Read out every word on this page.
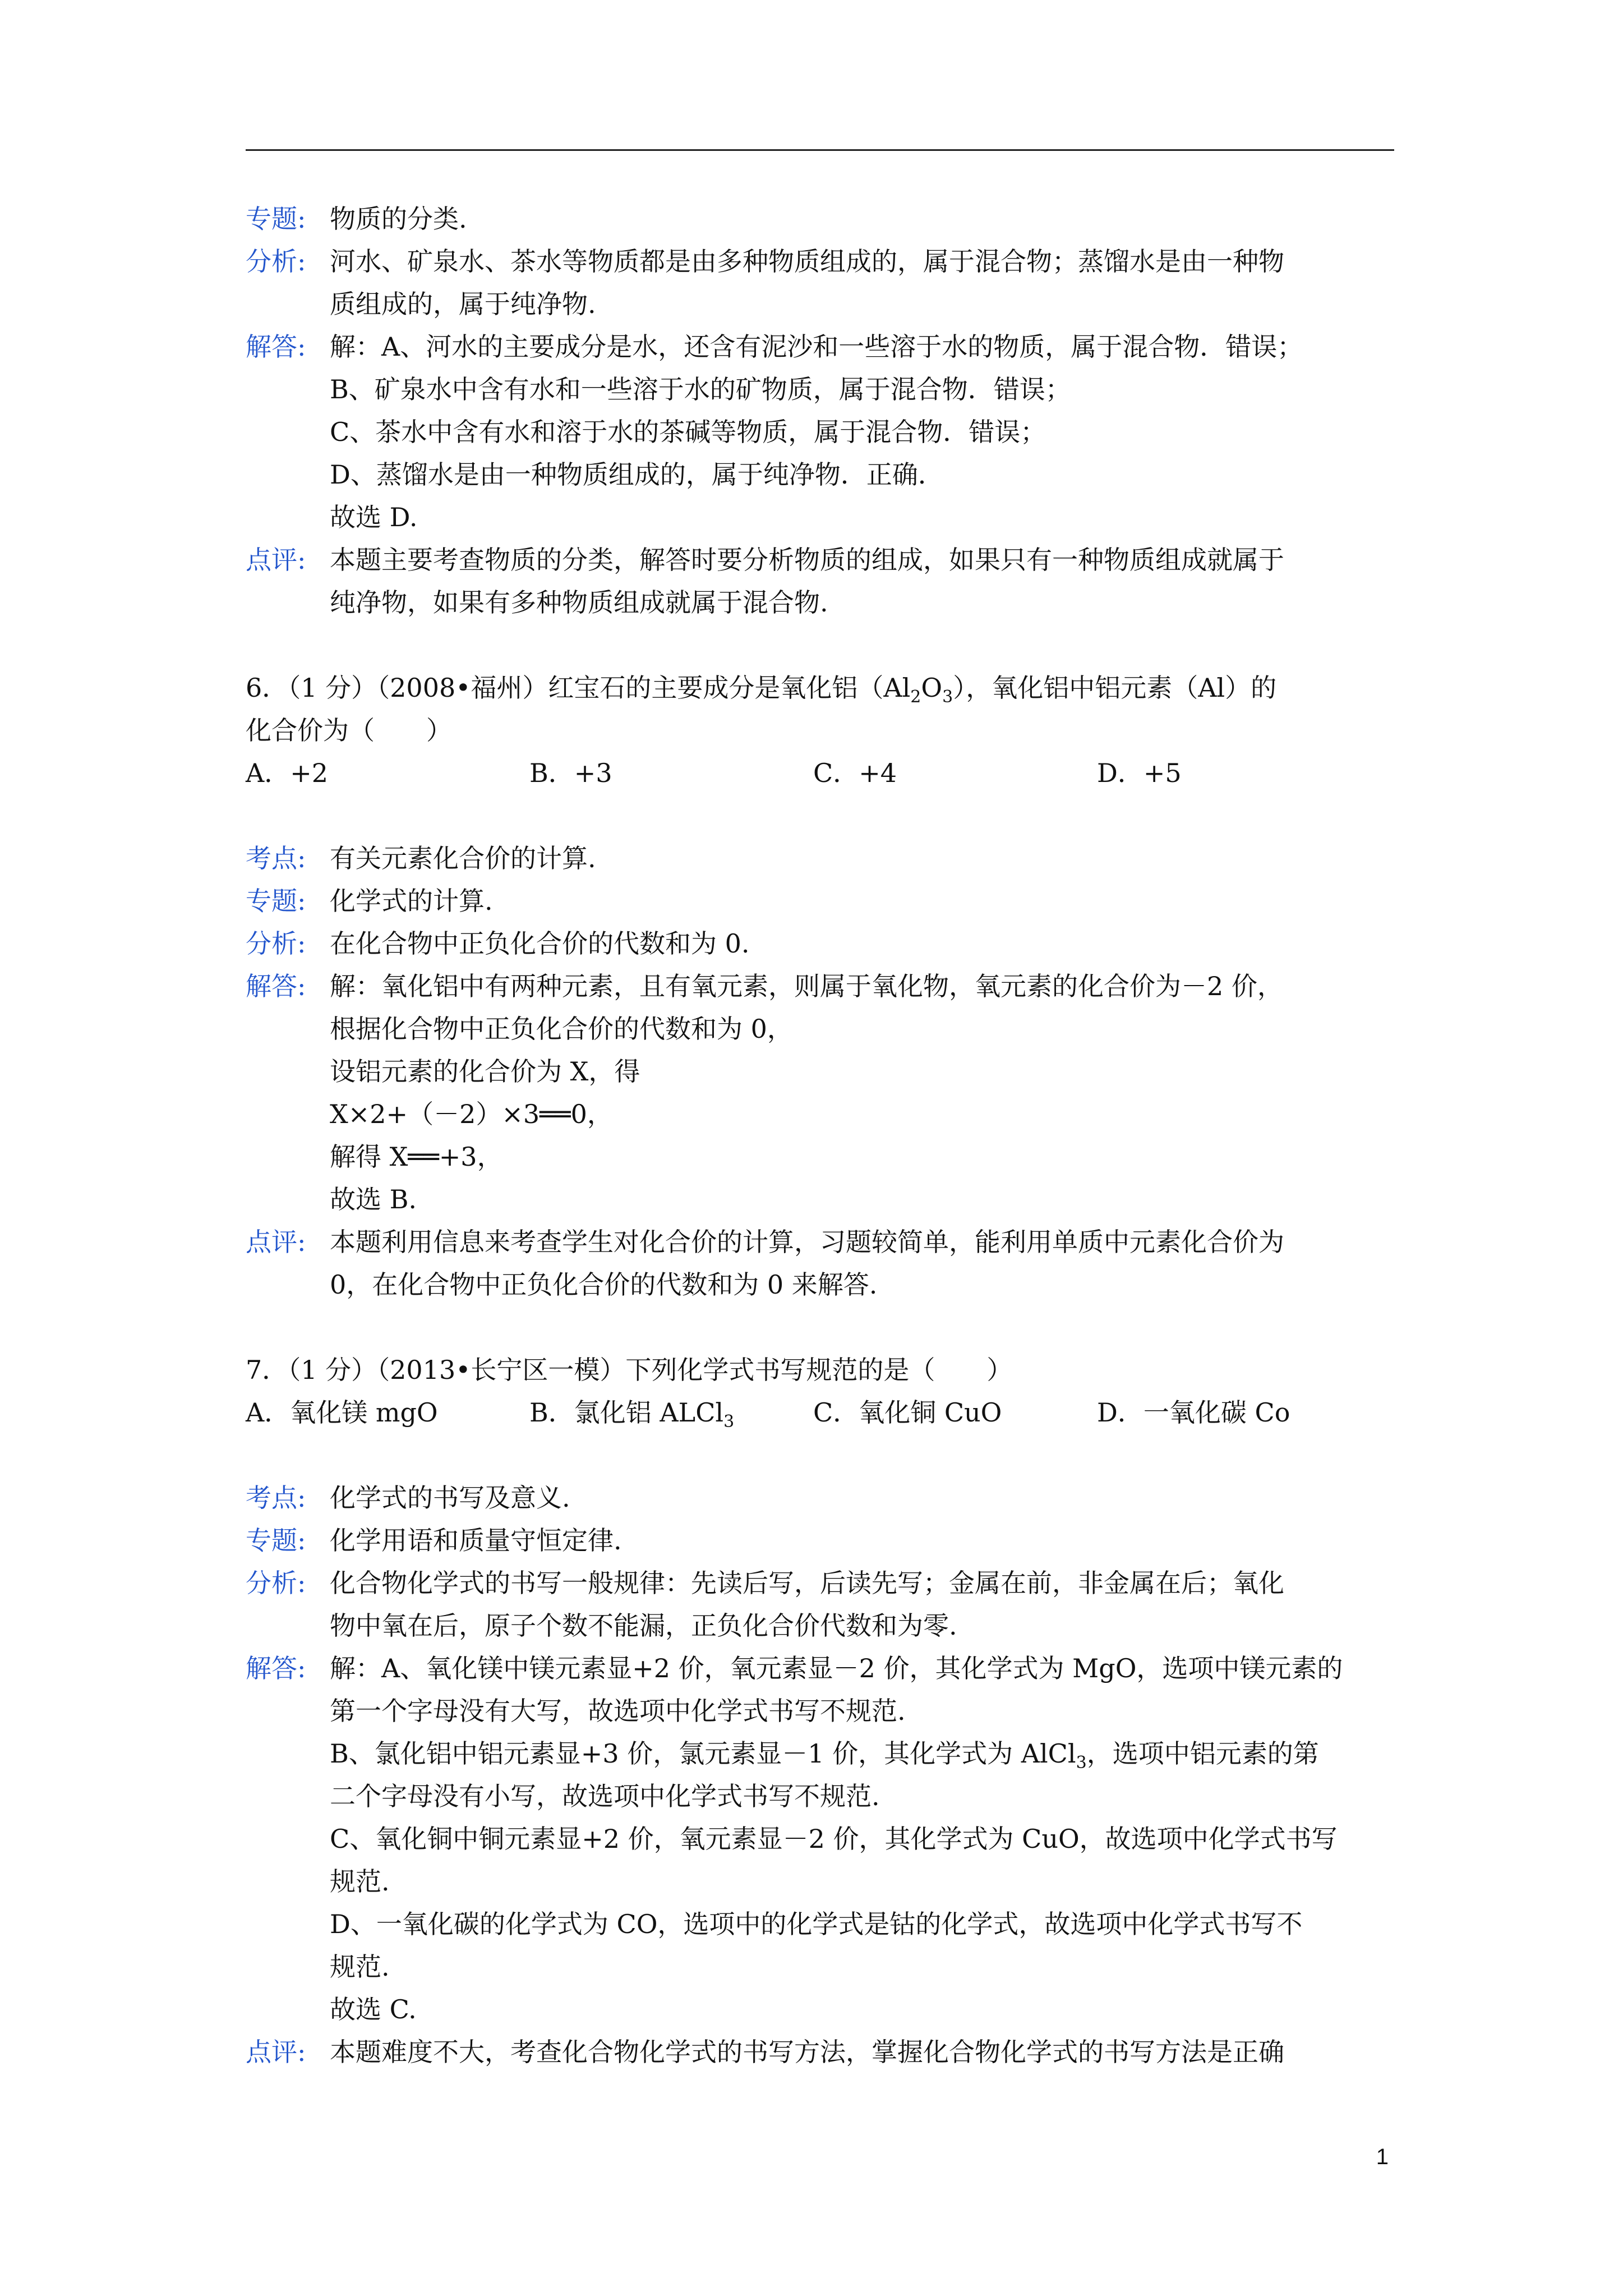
专题: 物质的分类.
分析: 河水、矿泉水、茶水等物质都是由多种物质组成的，属于混合物；蒸馏水是由一种物
质组成的，属于纯净物.
解答: 解：A、河水的主要成分是水，还含有泥沙和一些溶于水的物质，属于混合物．错误；
B、矿泉水中含有水和一些溶于水的矿物质，属于混合物．错误；
C、茶水中含有水和溶于水的茶碱等物质，属于混合物．错误；
D、蒸馏水是由一种物质组成的，属于纯净物．正确．
故选 D.
点评: 本题主要考查物质的分类，解答时要分析物质的组成，如果只有一种物质组成就属于
纯净物，如果有多种物质组成就属于混合物.
6．（1 分）（2008•福州）红宝石的主要成分是氧化铝$(Al_2O_3)$，氧化铝中铝元素（Al）的
化合价为（　　）
A．+2	B．+3	C．+4	D．+5
考点: 有关元素化合价的计算.
专题: 化学式的计算.
分析: 在化合物中正负化合价的代数和为 0.
解答: 解：氧化铝中有两种元素，且有氧元素，则属于氧化物，氧元素的化合价为－2 价，
根据化合物中正负化合价的代数和为 0，
设铝元素的化合价为 X，得
X×2+（－2）×3══0，
解得 X══+3，
故选 B.
点评: 本题利用信息来考查学生对化合价的计算，习题较简单，能利用单质中元素化合价为
0，在化合物中正负化合价的代数和为 0 来解答.
7．（1 分）（2013•长宁区一模）下列化学式书写规范的是（　　）
A．氧化镁 mgO	B．氯化铝 ALCl$_3$	C．氧化铜 CuO	D．一氧化碳 Co
考点: 化学式的书写及意义.
专题: 化学用语和质量守恒定律.
分析: 化合物化学式的书写一般规律：先读后写，后读先写；金属在前，非金属在后；氧化
物中氧在后，原子个数不能漏，正负化合价代数和为零.
解答: 解：A、氧化镁中镁元素显+2 价，氧元素显－2 价，其化学式为 MgO，选项中镁元素的
第一个字母没有大写，故选项中化学式书写不规范.
B、氯化铝中铝元素显+3 价，氯元素显－1 价，其化学式为 AlCl$_3$，选项中铝元素的第
二个字母没有小写，故选项中化学式书写不规范.
C、氧化铜中铜元素显+2 价，氧元素显－2 价，其化学式为 CuO，故选项中化学式书写
规范.
D、一氧化碳的化学式为 CO，选项中的化学式是钴的化学式，故选项中化学式书写不
规范.
故选 C.
点评: 本题难度不大，考查化合物化学式的书写方法，掌握化合物化学式的书写方法是正确
1
